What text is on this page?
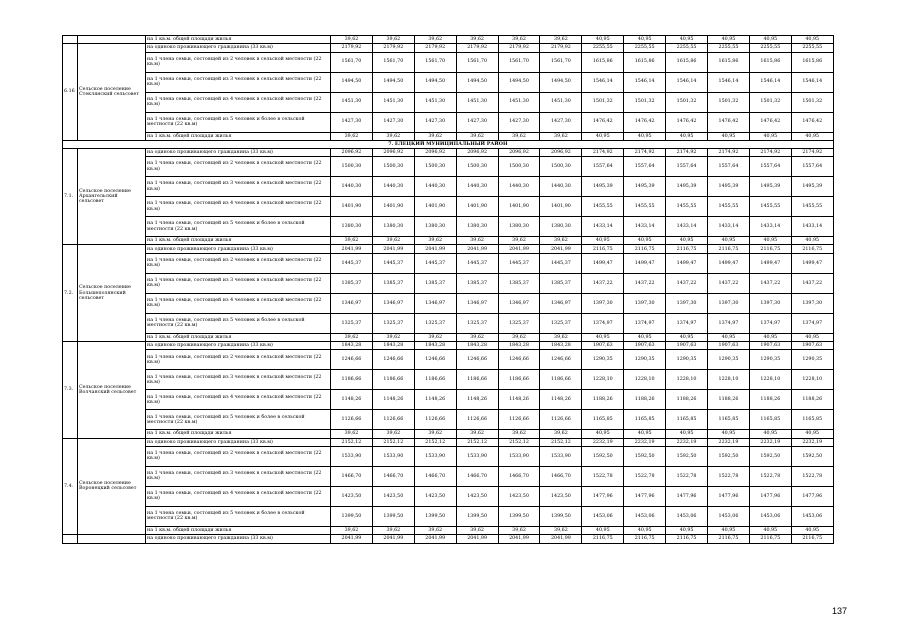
		на 1 кв.м. общей площади жилья	39,62	39,62	39,62	39,62	39,62	39,62	40,95	40,95	40,95	40,95	40,95	40,95
6.16	Сельское поселение Стеклянский сельсовет	на одиноко проживающего гражданина (33 кв.м)	2179,92	2179,92	2179,92	2179,92	2179,92	2179,92	2255,55	2255,55	2255,55	2255,55	2255,55	2255,55
		на 1 члена семьи, состоящей из 2 человек в сельской местности (22 кв.м)	1561,70	1561,70	1561,70	1561,70	1561,70	1561,70	1615,86	1615,86	1615,86	1615,86	1615,86	1615,86
		на 1 члена семьи, состоящей из 3 человек в сельской местности (22 кв.м)	1494,50	1494,50	1494,50	1494,50	1494,50	1494,50	1546,14	1546,14	1546,14	1546,14	1546,14	1546,14
		на 1 члена семьи, состоящей из 4 человек в сельской местности (22 кв.м)	1451,30	1451,30	1451,30	1451,30	1451,30	1451,30	1501,32	1501,32	1501,32	1501,32	1501,32	1501,32
		на 1 члена семьи, состоящей из 5 человек и более в сельской местности (22 кв.м)	1427,30	1427,30	1427,30	1427,30	1427,30	1427,30	1476,42	1476,42	1476,42	1476,42	1476,42	1476,42
		на 1 кв.м. общей площади жилья	39,62	39,62	39,62	39,62	39,62	39,62	40,95	40,95	40,95	40,95	40,95	40,95
7. ЕЛЕЦКИЙ МУНИЦИПАЛЬНЫЙ РАЙОН														
7.1.	Сельское поселение Архангельский сельсовет	на одиноко проживающего гражданина (33 кв.м)	2096,92	2096,92	2096,92	2096,92	2096,92	2096,92	2174,92	2174,92	2174,92	2174,92	2174,92	2174,92
		на 1 члена семьи, состоящей из 2 человек в сельской местности (22 кв.м)	1500,30	1500,30	1500,30	1500,30	1500,30	1500,30	1557,64	1557,64	1557,64	1557,64	1557,64	1557,64
		на 1 члена семьи, состоящей из 3 человек в сельской местности (22 кв.м)	1440,30	1440,30	1440,30	1440,30	1440,30	1440,30	1495,39	1495,39	1495,39	1495,39	1495,39	1495,39
		на 1 члена семьи, состоящей из 4 человек в сельской местности (22 кв.м)	1401,90	1401,90	1401,90	1401,90	1401,90	1401,90	1455,55	1455,55	1455,55	1455,55	1455,55	1455,55
		на 1 члена семьи, состоящей из 5 человек и более в сельской местности (22 кв.м)	1380,30	1380,30	1380,30	1380,30	1380,30	1380,30	1433,14	1433,14	1433,14	1433,14	1433,14	1433,14
		на 1 кв.м. общей площади жилья	39,62	39,62	39,62	39,62	39,62	39,62	40,95	40,95	40,95	40,95	40,95	40,95
7.2.	Сельское поселение Большеполянский сельсовет	на одиноко проживающего гражданина (33 кв.м)	2041,99	2041,99	2041,99	2041,99	2041,99	2041,99	2116,75	2116,75	2116,75	2116,75	2116,75	2116,75
		на 1 члена семьи, состоящей из 2 человек в сельской местности (22 кв.м)	1445,37	1445,37	1445,37	1445,37	1445,37	1445,37	1499,47	1499,47	1499,47	1499,47	1499,47	1499,47
		на 1 члена семьи, состоящей из 3 человек в сельской местности (22 кв.м)	1385,37	1385,37	1385,37	1385,37	1385,37	1385,37	1437,22	1437,22	1437,22	1437,22	1437,22	1437,22
		на 1 члена семьи, состоящей из 4 человек в сельской местности (22 кв.м)	1346,97	1346,97	1346,97	1346,97	1346,97	1346,97	1397,30	1397,30	1397,30	1397,30	1397,30	1397,30
		на 1 члена семьи, состоящей из 5 человек и более в сельской местности (22 кв.м)	1325,37	1325,37	1325,37	1325,37	1325,37	1325,37	1374,97	1374,97	1374,97	1374,97	1374,97	1374,97
		на 1 кв.м. общей площади жилья	39,62	39,62	39,62	39,62	39,62	39,62	40,95	40,95	40,95	40,95	40,95	40,95
7.3.	Сельское поселение Волчанский сельсовет	на одиноко проживающего гражданина (33 кв.м)	1843,28	1843,28	1843,28	1843,28	1843,28	1843,28	1907,63	1907,63	1907,63	1907,63	1907,63	1907,63
		на 1 члена семьи, состоящей из 2 человек в сельской местности (22 кв.м)	1246,66	1246,66	1246,66	1246,66	1246,66	1246,66	1290,35	1290,35	1290,35	1290,35	1290,35	1290,35
		на 1 члена семьи, состоящей из 3 человек в сельской местности (22 кв.м)	1186,66	1186,66	1186,66	1186,66	1186,66	1186,66	1228,10	1228,10	1228,10	1228,10	1228,10	1228,10
		на 1 члена семьи, состоящей из 4 человек в сельской местности (22 кв.м)	1148,26	1148,26	1148,26	1148,26	1148,26	1148,26	1188,26	1188,26	1188,26	1188,26	1188,26	1188,26
		на 1 члена семьи, состоящей из 5 человек и более в сельской местности (22 кв.м)	1126,66	1126,66	1126,66	1126,66	1126,66	1126,66	1165,85	1165,85	1165,85	1165,85	1165,85	1165,85
		на 1 кв.м. общей площади жилья	39,62	39,62	39,62	39,62	39,62	39,62	40,95	40,95	40,95	40,95	40,95	40,95
7.4.	Сельское поселение Воронецкий сельсовет	на одиноко проживающего гражданина (33 кв.м)	2152,12	2152,12	2152,12	2152,12	2152,12	2152,12	2232,19	2232,19	2232,19	2232,19	2232,19	2232,19
		на 1 члена семьи, состоящей из 2 человек в сельской местности (22 кв.м)	1533,90	1533,90	1533,90	1533,90	1533,90	1533,90	1592,50	1592,50	1592,50	1592,50	1592,50	1592,50
		на 1 члена семьи, состоящей из 3 человек в сельской местности (22 кв.м)	1466,70	1466,70	1466,70	1466,70	1466,70	1466,70	1522,78	1522,78	1522,78	1522,78	1522,78	1522,78
		на 1 члена семьи, состоящей из 4 человек в сельской местности (22 кв.м)	1423,50	1423,50	1423,50	1423,50	1423,50	1423,50	1477,96	1477,96	1477,96	1477,96	1477,96	1477,96
		на 1 члена семьи, состоящей из 5 человек и более в сельской местности (22 кв.м)	1399,50	1399,50	1399,50	1399,50	1399,50	1399,50	1453,06	1453,06	1453,06	1453,06	1453,06	1453,06
		на 1 кв.м. общей площади жилья	39,62	39,62	39,62	39,62	39,62	39,62	40,95	40,95	40,95	40,95	40,95	40,95
		на одиноко проживающего гражданина (33 кв.м)	2041,99	2041,99	2041,99	2041,99	2041,99	2041,99	2116,75	2116,75	2116,75	2116,75	2116,75	2116,75
137
